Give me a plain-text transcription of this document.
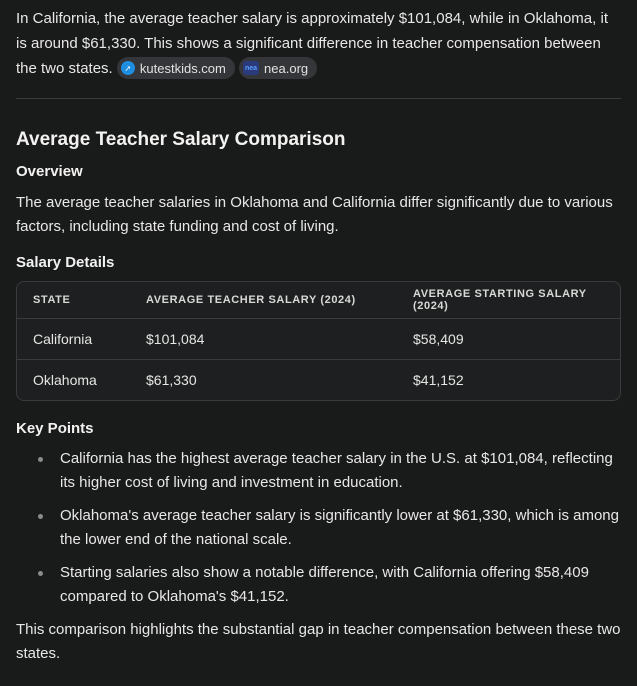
In California, the average teacher salary is approximately $101,084, while in Oklahoma, it is around $61,330. This shows a significant difference in teacher compensation between the two states.	➚ kutestkids.com
	nea nea.org

Average Teacher Salary Comparison
Overview

The average teacher salaries in Oklahoma and California differ significantly due to various factors, including state funding and cost of living.

Salary Details
STATE	AVERAGE TEACHER SALARY (2024)	AVERAGE STARTING SALARY (2024)
California	$101,084	$58,409
Oklahoma	$61,330	$41,152
Key Points
California has the highest average teacher salary in the U.S. at $101,084, reflecting its higher cost of living and investment in education.
Oklahoma's average teacher salary is significantly lower at $61,330, which is among the lower end of the national scale.
Starting salaries also show a notable difference, with California offering $58,409 compared to Oklahoma's $41,152.

This comparison highlights the substantial gap in teacher compensation between these two states.
